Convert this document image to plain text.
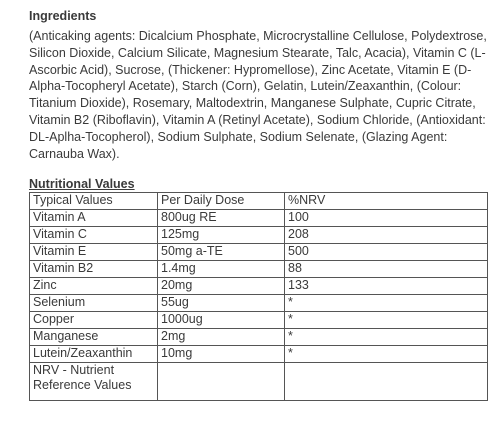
Ingredients

(Anticaking agents: Dicalcium Phosphate, Microcrystalline Cellulose, Polydextrose, Silicon Dioxide, Calcium Silicate, Magnesium Stearate, Talc, Acacia), Vitamin C (L-Ascorbic Acid), Sucrose, (Thickener: Hypromellose), Zinc Acetate, Vitamin E (D-Alpha-Tocopheryl Acetate), Starch (Corn), Gelatin, Lutein/Zeaxanthin, (Colour: Titanium Dioxide), Rosemary, Maltodextrin, Manganese Sulphate, Cupric Citrate, Vitamin B2 (Riboflavin), Vitamin A (Retinyl Acetate), Sodium Chloride, (Antioxidant: DL-Aplha-Tocopherol), Sodium Sulphate, Sodium Selenate, (Glazing Agent: Carnauba Wax).

Nutritional Values
Typical Values	Per Daily Dose	%NRV
Vitamin A	800ug RE	100
Vitamin C	125mg	208
Vitamin E	50mg a-TE	500
Vitamin B2	1.4mg	88
Zinc	20mg	133
Selenium	55ug	*
Copper	1000ug	*
Manganese	2mg	*
Lutein/Zeaxanthin	10mg	*
NRV - Nutrient Reference Values		
